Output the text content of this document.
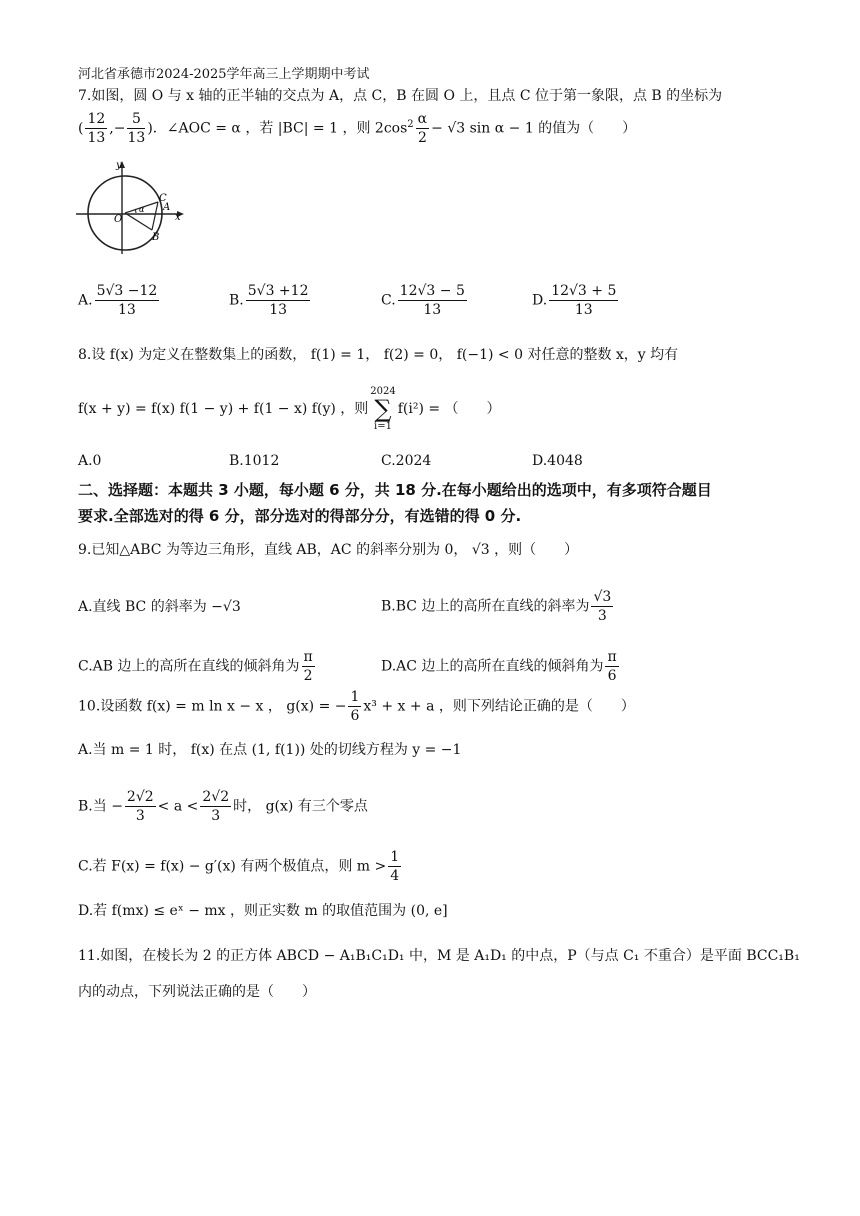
河北省承德市2024-2025学年高三上学期期中考试
7.如图，圆 O 与 x 轴的正半轴的交点为 A，点 C，B 在圆 O 上，且点 C 位于第一象限，点 B 的坐标为
( $\frac{12}{13}$ ,− $\frac{5}{13}$ )．∠AOC = α ，若 |BC| = 1 ，则 $2\cos^2 \frac{\alpha}{2} - √3$ sin α − 1 的值为（　　）
y
O
α
C
A
x
B
A. $\frac{5√3 -12}{13}$	B. $\frac{5√3 +12}{13}$	C. $\frac{12√3 - 5}{13}$	D. $\frac{12√3 + 5}{13}$
8.设 f(x) 为定义在整数集上的函数， f(1) = 1， f(2) = 0， f(−1) < 0 对任意的整数 x，y 均有
f(x + y) = f(x) f(1 − y) + f(1 − x) f(y) ，则2024
∑
i=1f(i²) = （　　）
A.0	B.1012	C.2024	D.4048
二、选择题：本题共 3 小题，每小题 6 分，共 18 分.在每小题给出的选项中，有多项符合题目
要求.全部选对的得 6 分，部分选对的得部分分，有选错的得 0 分.
9.已知△ABC 为等边三角形，直线 AB，AC 的斜率分别为 0， √3 ，则（　　）
A.直线 BC 的斜率为 −√3	B.BC 边上的高所在直线的斜率为 $\frac{√3}{3}$
C.AB 边上的高所在直线的倾斜角为 $\frac{\pi}{2}$	D.AC 边上的高所在直线的倾斜角为 $\frac{\pi}{6}$
10.设函数 f(x) = m ln x − x ， g(x) = − $\frac{1}{6} x^3 + x + a$ ，则下列结论正确的是（　　）
A.当 m = 1 时， f(x) 在点 (1, f(1)) 处的切线方程为 y = −1
B.当 − $\frac{2√2}{3} < a < \frac{2√2}{3}$ 时， g(x) 有三个零点
C.若 F(x) = f(x) − g′(x) 有两个极值点，则 $m > \frac{1}{4}$
D.若 f(mx) ≤ eˣ − mx ，则正实数 m 的取值范围为 (0, e]
11.如图，在棱长为 2 的正方体 ABCD − A₁B₁C₁D₁ 中，M 是 A₁D₁ 的中点，P（与点 C₁ 不重合）是平面 BCC₁B₁
内的动点，下列说法正确的是（　　）
